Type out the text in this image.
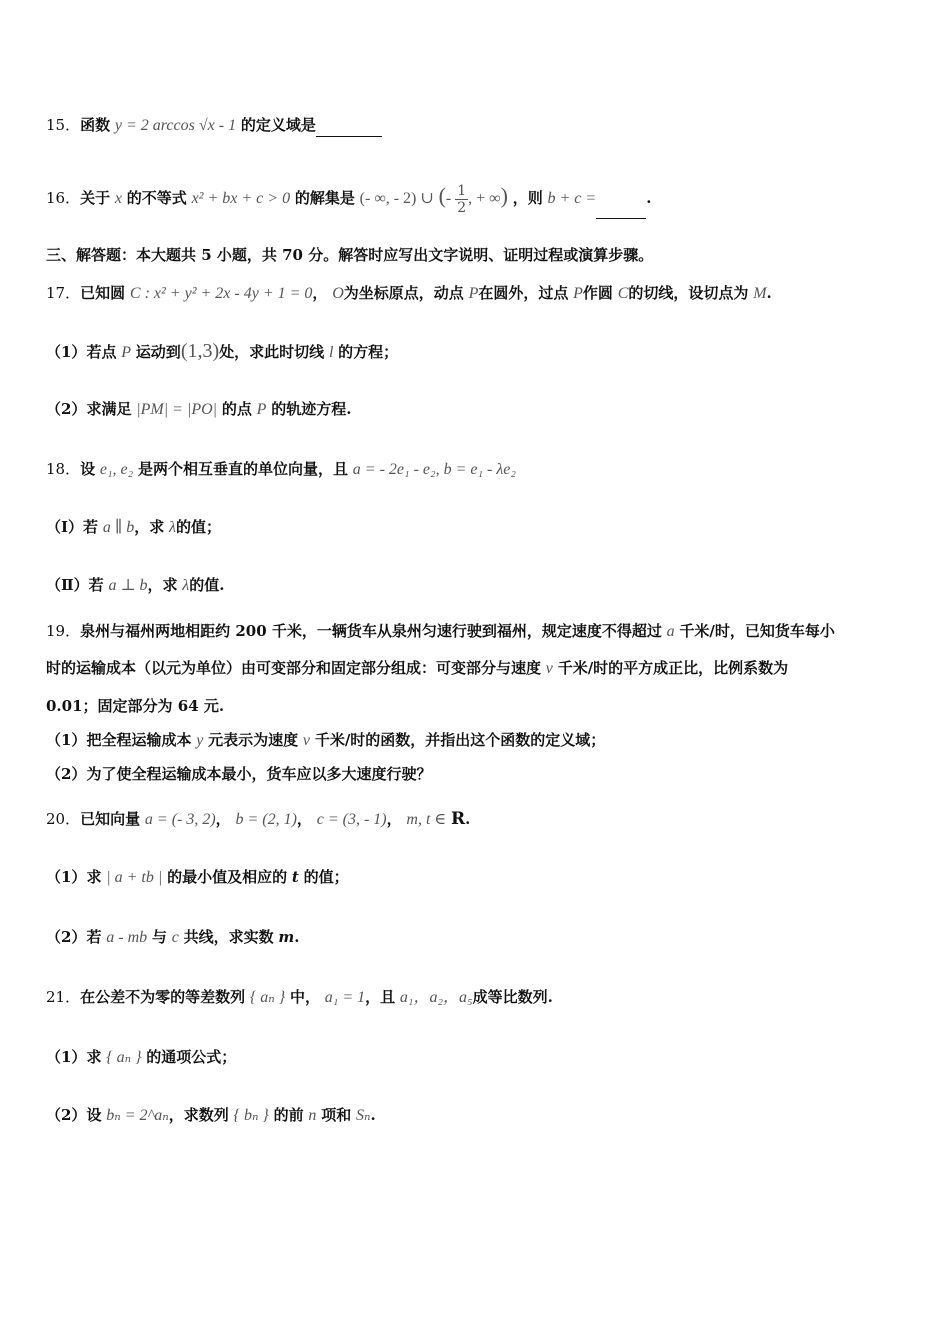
15．函数 y = 2 arccos √x - 1 的定义域是
16．关于 x 的不等式 x² + bx + c > 0 的解集是 (- ∞, - 2) ∪ (- $\frac{1}{2}$ , + ∞) ，则 b + c =	.
三、解答题：本大题共 5 小题，共 70 分。解答时应写出文字说明、证明过程或演算步骤。
17．已知圆 C : x² + y² + 2x - 4y + 1 = 0， O为坐标原点，动点 P在圆外，过点 P作圆 C的切线，设切点为 M.
（1）若点 P 运动到(1,3)处，求此时切线 l 的方程；
（2）求满足 |PM| = |PO| 的点 P 的轨迹方程.
18．设 e₁, e₂ 是两个相互垂直的单位向量，且 a = - 2e₁ - e₂, b = e₁ - λe₂
（Ⅰ）若 a ∥ b，求 λ的值；
（Ⅱ）若 a ⊥ b，求 λ的值.
19．泉州与福州两地相距约 200 千米，一辆货车从泉州匀速行驶到福州，规定速度不得超过 a 千米/时，已知货车每小
时的运输成本（以元为单位）由可变部分和固定部分组成：可变部分与速度 v 千米/时的平方成正比，比例系数为
0.01；固定部分为 64 元.
（1）把全程运输成本 y 元表示为速度 v 千米/时的函数，并指出这个函数的定义域；
（2）为了使全程运输成本最小，货车应以多大速度行驶？
20．已知向量 a = (- 3, 2)， b = (2, 1)， c = (3, - 1)， m, t ∈ R.
（1）求 | a + tb | 的最小值及相应的 t 的值；
（2）若 a - mb 与 c 共线，求实数 m.
21．在公差不为零的等差数列 { aₙ } 中， a₁ = 1，且 a₁，a₂，a₅成等比数列.
（1）求 { aₙ } 的通项公式；
（2）设 bₙ = 2^aₙ，求数列 { bₙ } 的前 n 项和 Sₙ.
